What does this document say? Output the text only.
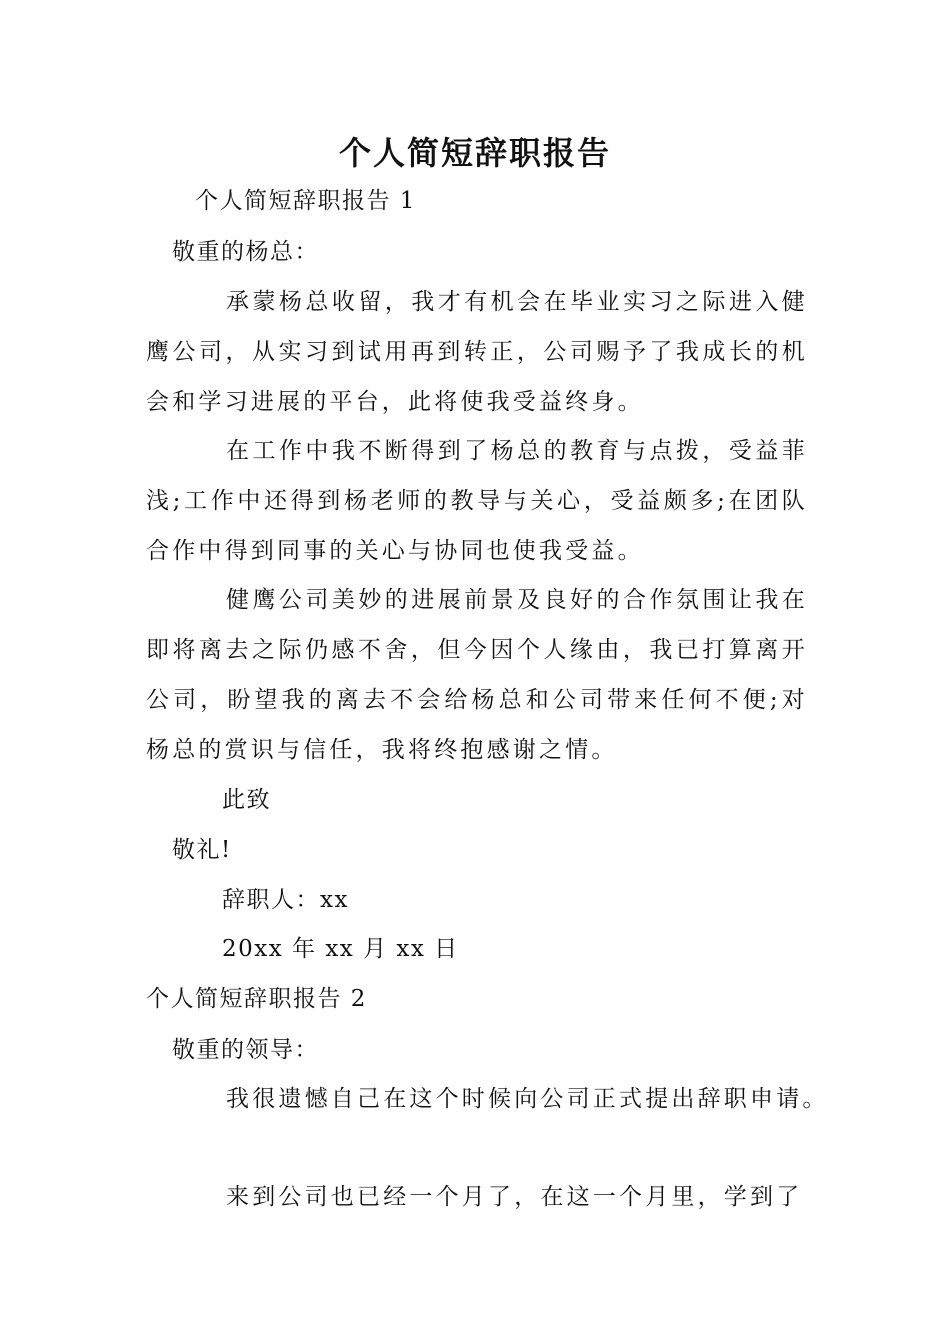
个人简短辞职报告
个人简短辞职报告 1
敬重的杨总：
承蒙杨总收留，我才有机会在毕业实习之际进入健鹰公司，从实习到试用再到转正，公司赐予了我成长的机会和学习进展的平台，此将使我受益终身。
在工作中我不断得到了杨总的教育与点拨，受益菲浅;工作中还得到杨老师的教导与关心，受益颇多;在团队合作中得到同事的关心与协同也使我受益。
健鹰公司美妙的进展前景及良好的合作氛围让我在即将离去之际仍感不舍，但今因个人缘由，我已打算离开公司，盼望我的离去不会给杨总和公司带来任何不便;对杨总的赏识与信任，我将终抱感谢之情。
此致
敬礼!
辞职人：xx
20xx 年 xx 月 xx 日
个人简短辞职报告 2
敬重的领导：
我很遗憾自己在这个时候向公司正式提出辞职申请。
来到公司也已经一个月了，在这一个月里，学到了
